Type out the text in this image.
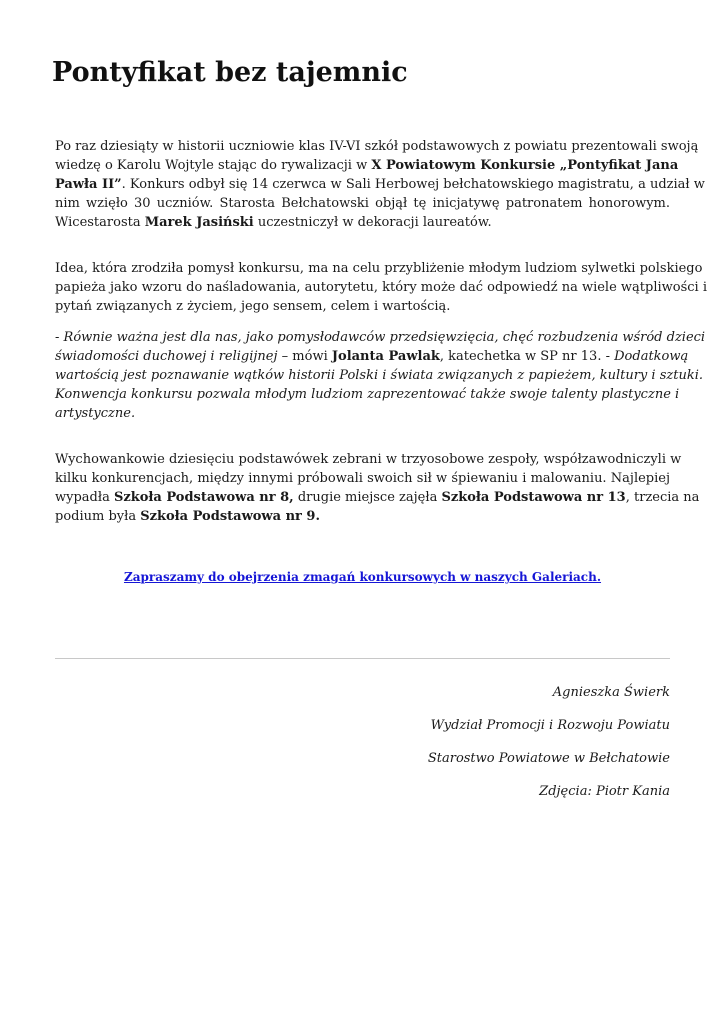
Pontyfikat bez tajemnic

Po raz dziesiąty w historii uczniowie klas IV-VI szkół podstawowych z powiatu prezentowali swoją
wiedzę o Karolu Wojtyle stając do rywalizacji w X Powiatowym Konkursie „Pontyfikat Jana
Pawła II”. Konkurs odbył się 14 czerwca w Sali Herbowej bełchatowskiego magistratu, a udział w
nim wzięło 30 uczniów. Starosta Bełchatowski objął tę inicjatywę patronatem honorowym.
Wicestarosta Marek Jasiński uczestniczył w dekoracji laureatów.

Idea, która zrodziła pomysł konkursu, ma na celu przybliżenie młodym ludziom sylwetki polskiego
papieża jako wzoru do naśladowania, autorytetu, który może dać odpowiedź na wiele wątpliwości i
pytań związanych z życiem, jego sensem, celem i wartością.

- Równie ważna jest dla nas, jako pomysłodawców przedsięwzięcia, chęć rozbudzenia wśród dzieci
świadomości duchowej i religijnej – mówi Jolanta Pawlak, katechetka w SP nr 13. - Dodatkową
wartością jest poznawanie wątków historii Polski i świata związanych z papieżem, kultury i sztuki.
Konwencja konkursu pozwala młodym ludziom zaprezentować także swoje talenty plastyczne i
artystyczne.

Wychowankowie dziesięciu podstawówek zebrani w trzyosobowe zespoły, współzawodniczyli w
kilku konkurencjach, między innymi próbowali swoich sił w śpiewaniu i malowaniu. Najlepiej
wypadła Szkoła Podstawowa nr 8, drugie miejsce zajęła Szkoła Podstawowa nr 13, trzecia na
podium była Szkoła Podstawowa nr 9.

Zapraszamy do obejrzenia zmagań konkursowych w naszych Galeriach.
Agnieszka Świerk
Wydział Promocji i Rozwoju Powiatu
Starostwo Powiatowe w Bełchatowie
Zdjęcia: Piotr Kania
